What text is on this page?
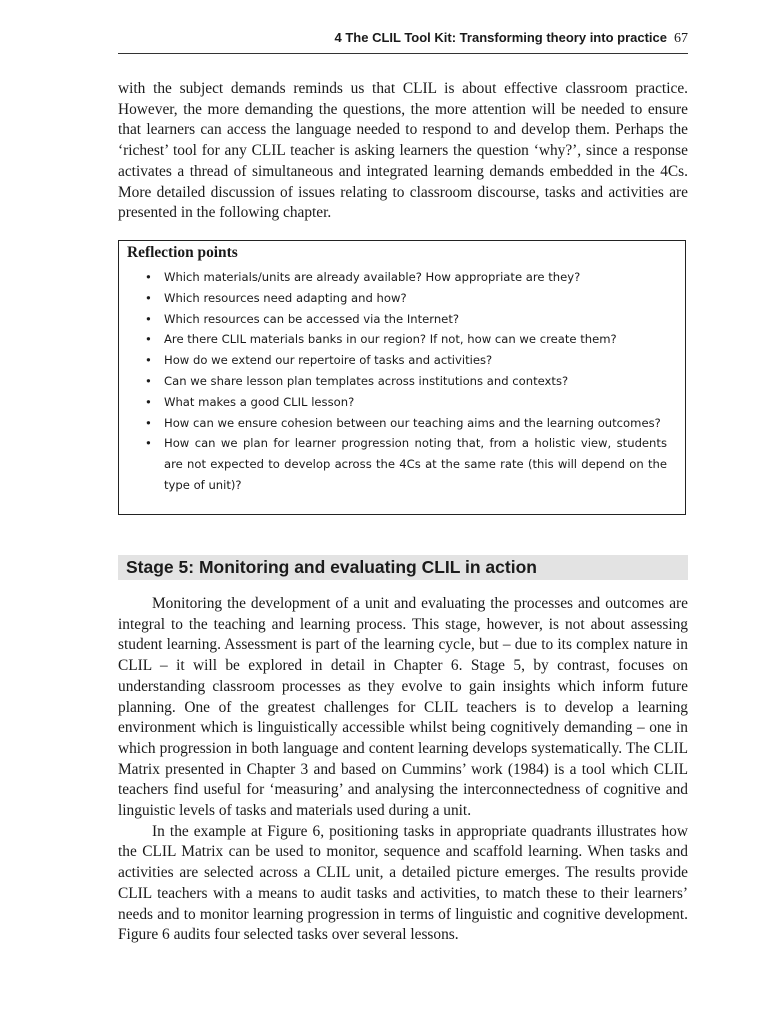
4 The CLIL Tool Kit: Transforming theory into practice 67

with the subject demands reminds us that CLIL is about effective classroom practice. However, the more demanding the questions, the more attention will be needed to ensure that learners can access the language needed to respond to and develop them. Perhaps the ‘richest’ tool for any CLIL teacher is asking learners the question ‘why?’, since a response activates a thread of simultaneous and integrated learning demands embedded in the 4Cs. More detailed discussion of issues relating to classroom discourse, tasks and activities are presented in the following chapter.

Reflection points
• Which materials/units are already available? How appropriate are they?
• Which resources need adapting and how?
• Which resources can be accessed via the Internet?
• Are there CLIL materials banks in our region? If not, how can we create them?
• How do we extend our repertoire of tasks and activities?
• Can we share lesson plan templates across institutions and contexts?
• What makes a good CLIL lesson?
• How can we ensure cohesion between our teaching aims and the learning outcomes?
• How can we plan for learner progression noting that, from a holistic view, students are not expected to develop across the 4Cs at the same rate (this will depend on the type of unit)?
Stage 5: Monitoring and evaluating CLIL in action

Monitoring the development of a unit and evaluating the processes and outcomes are integral to the teaching and learning process. This stage, however, is not about assessing student learning. Assessment is part of the learning cycle, but – due to its complex nature in CLIL – it will be explored in detail in Chapter 6. Stage 5, by contrast, focuses on understanding classroom processes as they evolve to gain insights which inform future planning. One of the greatest challenges for CLIL teachers is to develop a learning environment which is linguistically accessible whilst being cognitively demanding – one in which progression in both language and content learning develops systematically. The CLIL Matrix presented in Chapter 3 and based on Cummins’ work (1984) is a tool which CLIL teachers find useful for ‘measuring’ and analysing the interconnectedness of cognitive and linguistic levels of tasks and materials used during a unit.

In the example at Figure 6, positioning tasks in appropriate quadrants illustrates how the CLIL Matrix can be used to monitor, sequence and scaffold learning. When tasks and activities are selected across a CLIL unit, a detailed picture emerges. The results provide CLIL teachers with a means to audit tasks and activities, to match these to their learners’ needs and to monitor learning progression in terms of linguistic and cognitive development. Figure 6 audits four selected tasks over several lessons.
